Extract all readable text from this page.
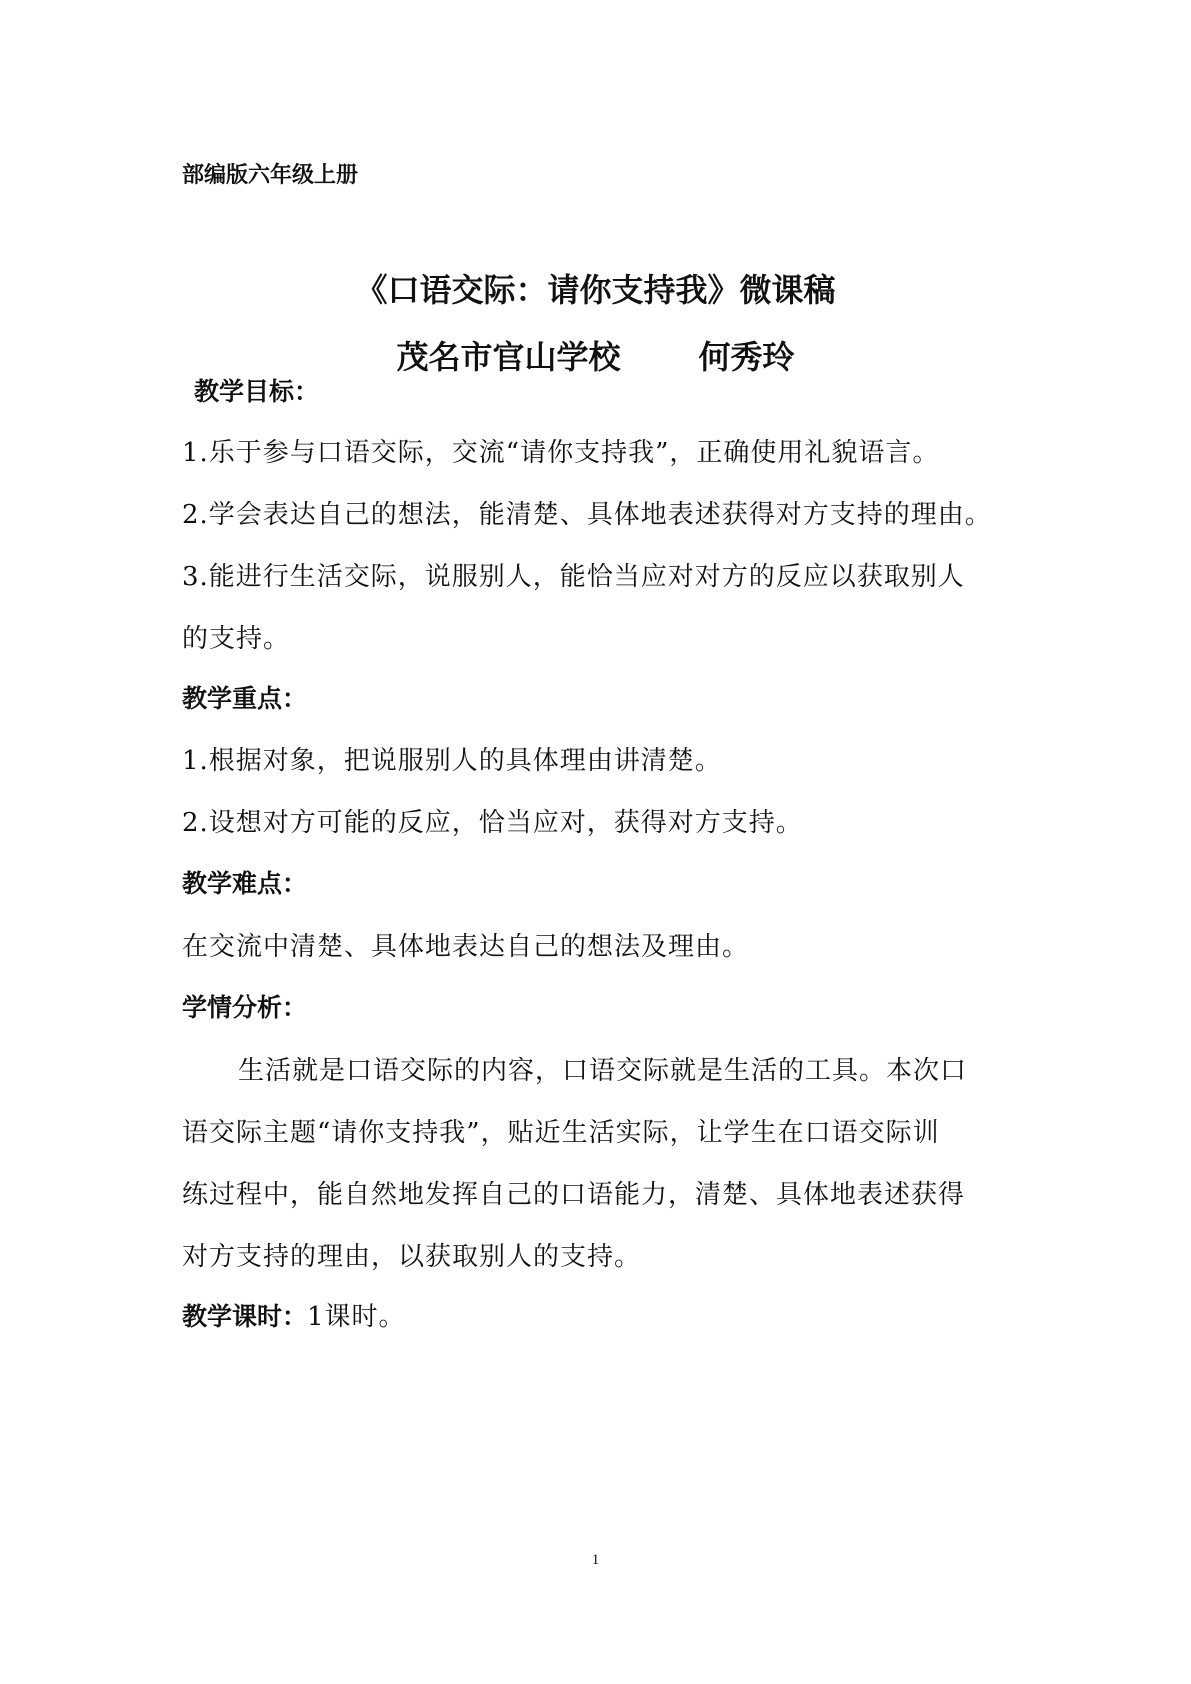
部编版六年级上册
《口语交际：请你支持我》微课稿
茂名市官山学校 何秀玲
教学目标：
1.乐于参与口语交际，交流“请你支持我”，正确使用礼貌语言。
2.学会表达自己的想法，能清楚、具体地表述获得对方支持的理由。
3.能进行生活交际，说服别人，能恰当应对对方的反应以获取别人
的支持。
教学重点：
1.根据对象，把说服别人的具体理由讲清楚。
2.设想对方可能的反应，恰当应对，获得对方支持。
教学难点：
在交流中清楚、具体地表达自己的想法及理由。
学情分析：
生活就是口语交际的内容，口语交际就是生活的工具。本次口
语交际主题“请你支持我”，贴近生活实际，让学生在口语交际训
练过程中，能自然地发挥自己的口语能力，清楚、具体地表述获得
对方支持的理由，以获取别人的支持。
教学课时：1课时。
1
